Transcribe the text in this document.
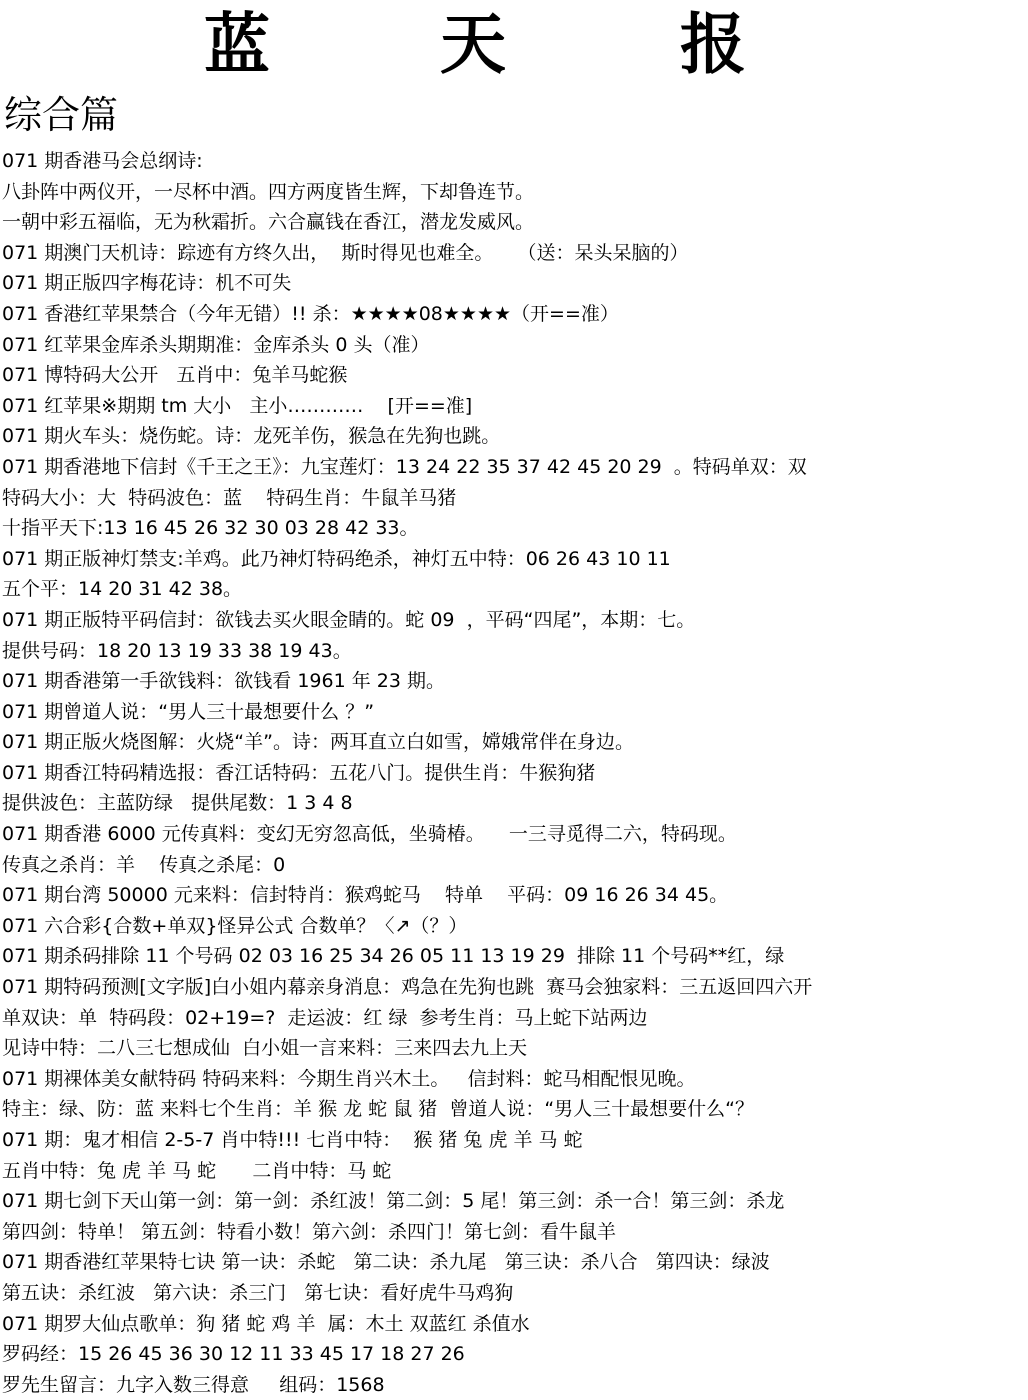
蓝	天	报
综合篇
071 期香港马会总纲诗:
八卦阵中两仪开，一尽杯中酒。四方两度皆生辉，下却鲁连节。
一朝中彩五福临，无为秋霜折。六合赢钱在香江，潜龙发威风。
071 期澳门天机诗：踪迹有方终久出，  斯时得见也难全。    （送：呆头呆脑的）
071 期正版四字梅花诗：机不可失
071 香港红苹果禁合（今年无错）!! 杀：★★★★08★★★★（开==准）
071 红苹果金库杀头期期准：金库杀头 0 头（准）
071 博特码大公开   五肖中：兔羊马蛇猴
071 红苹果※期期 tm 大小   主小…………    [开==准]
071 期火车头：烧伤蛇。诗：龙死羊伤，猴急在先狗也跳。
071 期香港地下信封《千王之王》：九宝莲灯：13 24 22 35 37 42 45 20 29  。特码单双：双
特码大小：大  特码波色：蓝    特码生肖：牛鼠羊马猪
十指平天下:13 16 45 26 32 30 03 28 42 33。
071 期正版神灯禁支:羊鸡。此乃神灯特码绝杀，神灯五中特：06 26 43 10 11
五个平：14 20 31 42 38。
071 期正版特平码信封：欲钱去买火眼金睛的。蛇 09  ，平码“四尾”，本期：七。
提供号码：18 20 13 19 33 38 19 43。
071 期香港第一手欲钱料：欲钱看 1961 年 23 期。
071 期曾道人说：“男人三十最想要什么 ？”
071 期正版火烧图解：火烧“羊”。诗：两耳直立白如雪，嫦娥常伴在身边。
071 期香江特码精选报：香江话特码：五花八门。提供生肖：牛猴狗猪
提供波色：主蓝防绿   提供尾数：1 3 4 8
071 期香港 6000 元传真料：变幻无穷忽高低，坐骑椿。    一三寻觅得二六，特码现。
传真之杀肖：羊    传真之杀尾：0
071 期台湾 50000 元来料：信封特肖：猴鸡蛇马    特单    平码：09 16 26 34 45。
071 六合彩{合数+单双}怪异公式 合数单？〈↗（？）
071 期杀码排除 11 个号码 02 03 16 25 34 26 05 11 13 19 29  排除 11 个号码**红，绿
071 期特码预测[文字版]白小姐内幕亲身消息：鸡急在先狗也跳  赛马会独家料：三五返回四六开
单双诀：单  特码段：02+19=?  走运波：红 绿  参考生肖：马上蛇下站两边
见诗中特：二八三七想成仙  白小姐一言来料：三来四去九上天
071 期裸体美女献特码 特码来料：今期生肖兴木土。   信封料：蛇马相配恨见晚。
特主：绿、防：蓝 来料七个生肖：羊 猴 龙 蛇 鼠 猪  曾道人说：“男人三十最想要什么“？
071 期：鬼才相信 2-5-7 肖中特!!! 七肖中特：  猴 猪 兔 虎 羊 马 蛇
五肖中特：兔 虎 羊 马 蛇      二肖中特：马 蛇
071 期七剑下天山第一剑：第一剑：杀红波！第二剑：5 尾！第三剑：杀一合！第三剑：杀龙
第四剑：特单！ 第五剑：特看小数！第六剑：杀四门！第七剑：看牛鼠羊
071 期香港红苹果特七诀 第一诀：杀蛇   第二诀：杀九尾   第三诀：杀八合   第四诀：绿波
第五诀：杀红波   第六诀：杀三门   第七诀：看好虎牛马鸡狗
071 期罗大仙点歌单：狗 猪 蛇 鸡 羊  属：木土 双蓝红 杀值水
罗码经：15 26 45 36 30 12 11 33 45 17 18 27 26
罗先生留言：九字入数三得意     组码：1568
